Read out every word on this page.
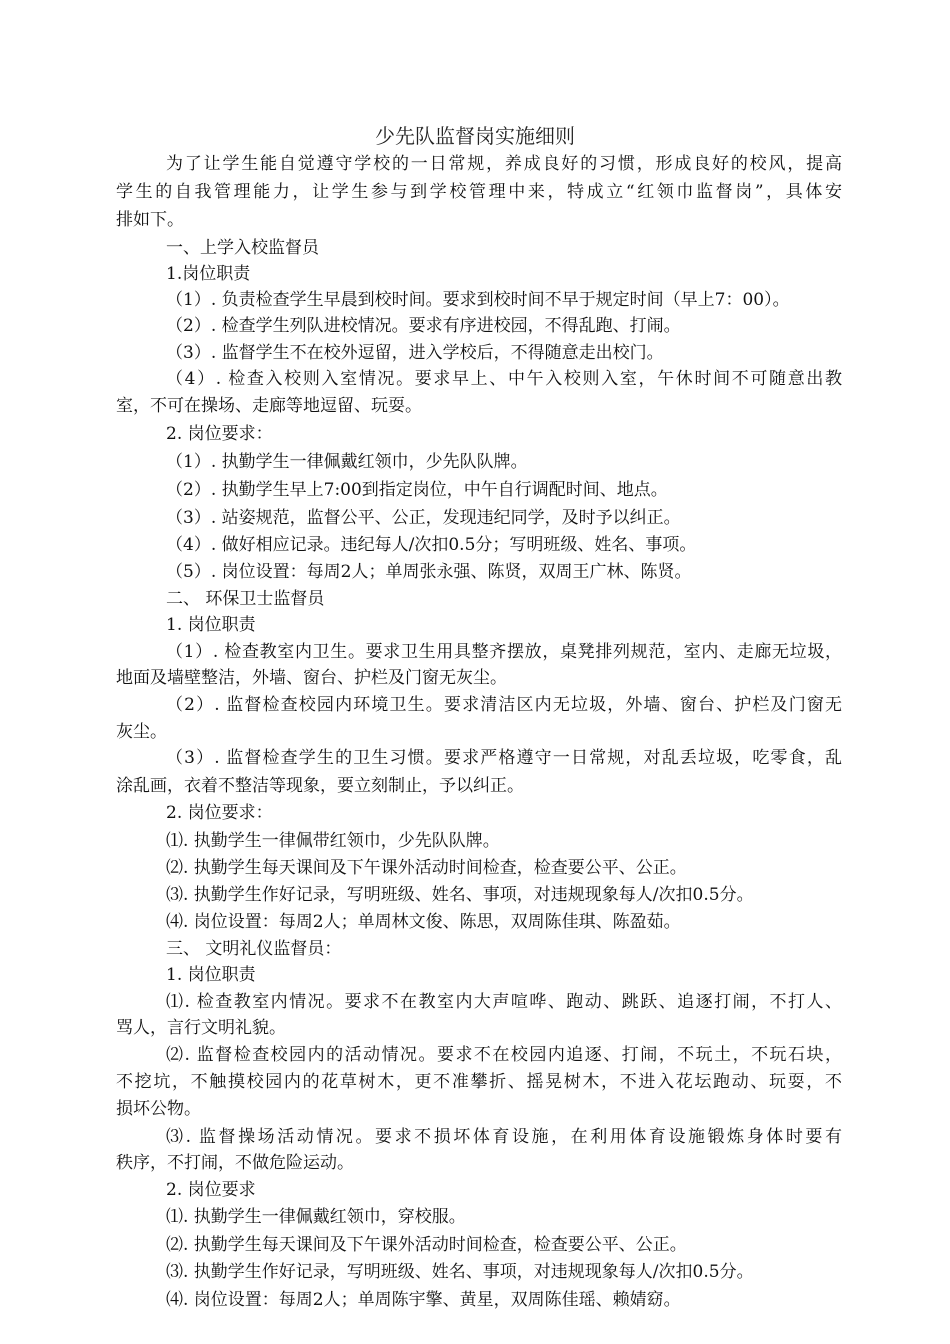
少先队监督岗实施细则
为了让学生能自觉遵守学校的一日常规，养成良好的习惯，形成良好的校风，提高
学生的自我管理能力，让学生参与到学校管理中来，特成立“红领巾监督岗”，具体安
排如下。
一、上学入校监督员
1.岗位职责
（1）. 负责检查学生早晨到校时间。要求到校时间不早于规定时间（早上7：00）。
（2）. 检查学生列队进校情况。要求有序进校园，不得乱跑、打闹。
（3）. 监督学生不在校外逗留，进入学校后，不得随意走出校门。
（4）. 检查入校则入室情况。要求早上、中午入校则入室，午休时间不可随意出教
室，不可在操场、走廊等地逗留、玩耍。
2. 岗位要求：
（1）. 执勤学生一律佩戴红领巾，少先队队牌。
（2）. 执勤学生早上7:00到指定岗位，中午自行调配时间、地点。
（3）. 站姿规范，监督公平、公正，发现违纪同学，及时予以纠正。
（4）. 做好相应记录。违纪每人/次扣0.5分；写明班级、姓名、事项。
（5）. 岗位设置：每周2人；单周张永强、陈贤，双周王广林、陈贤。
二、 环保卫士监督员
1. 岗位职责
（1）. 检查教室内卫生。要求卫生用具整齐摆放，桌凳排列规范，室内、走廊无垃圾，
地面及墙壁整洁，外墙、窗台、护栏及门窗无灰尘。
（2）. 监督检查校园内环境卫生。要求清洁区内无垃圾，外墙、窗台、护栏及门窗无
灰尘。
（3）. 监督检查学生的卫生习惯。要求严格遵守一日常规，对乱丢垃圾，吃零食，乱
涂乱画，衣着不整洁等现象，要立刻制止，予以纠正。
2. 岗位要求：
⑴. 执勤学生一律佩带红领巾，少先队队牌。
⑵. 执勤学生每天课间及下午课外活动时间检查，检查要公平、公正。
⑶. 执勤学生作好记录，写明班级、姓名、事项，对违规现象每人/次扣0.5分。
⑷. 岗位设置：每周2人；单周林文俊、陈思，双周陈佳琪、陈盈茹。
三、 文明礼仪监督员：
1. 岗位职责
⑴. 检查教室内情况。要求不在教室内大声喧哗、跑动、跳跃、追逐打闹，不打人、
骂人，言行文明礼貌。
⑵. 监督检查校园内的活动情况。要求不在校园内追逐、打闹，不玩土，不玩石块，
不挖坑，不触摸校园内的花草树木，更不准攀折、摇晃树木，不进入花坛跑动、玩耍，不
损坏公物。
⑶. 监督操场活动情况。要求不损坏体育设施，在利用体育设施锻炼身体时要有
秩序，不打闹，不做危险运动。
2. 岗位要求
⑴. 执勤学生一律佩戴红领巾，穿校服。
⑵. 执勤学生每天课间及下午课外活动时间检查，检查要公平、公正。
⑶. 执勤学生作好记录，写明班级、姓名、事项，对违规现象每人/次扣0.5分。
⑷. 岗位设置：每周2人；单周陈宇擎、黄星，双周陈佳瑶、赖婧窈。
